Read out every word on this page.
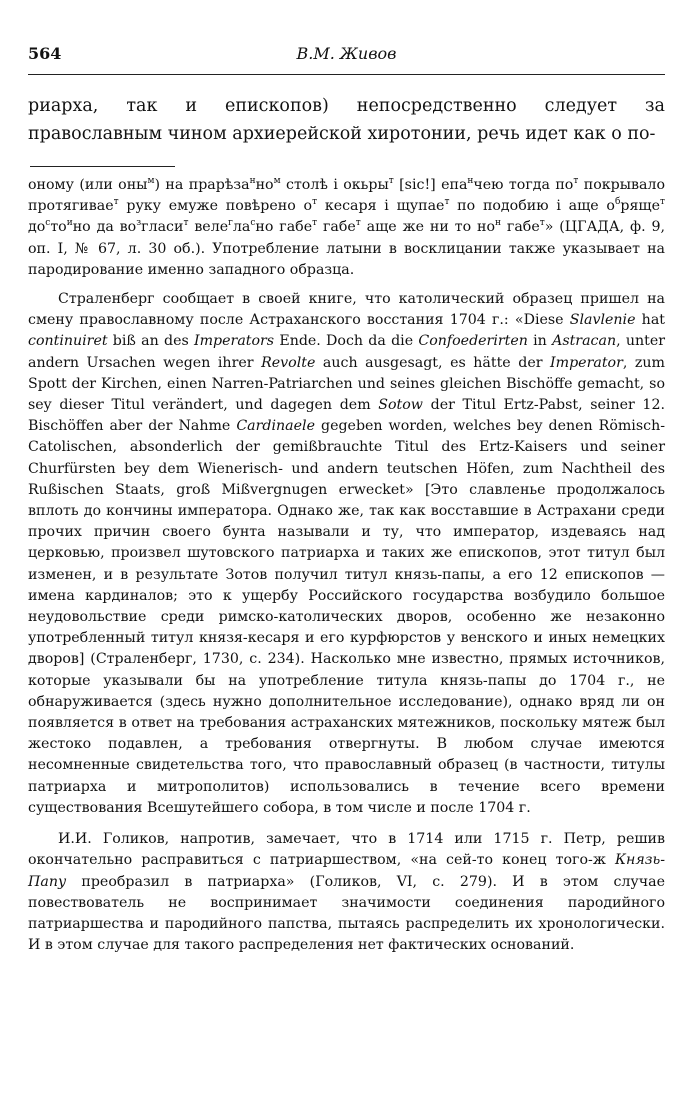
564	В.М. Живов
риарха, так и епископов) непосредственно следует за православным чином архиерейской хиротонии, речь идет как о по-

оному (или оны$^м$) на $прарѣза^нно^м$ столѣ і окьры$^т$ [sic!] епа$^н$чею тогда $по^т$ покрывало протягивае$^т$ руку емуже повѣрено $о^т$ кесаря і щупае$^т$ по подобию і аще $о^бряще^т$ $до^сто^ино$ да $во^згласи^т$ $веле^гла^сно$ габе$^т$ габе$^т$ аще же ни то $но^н$ габе$^т$» (ЦГАДА, ф. 9, оп. I, № 67, л. 30 об.). Употребление латыни в восклицании также указывает на пародирование именно западного образца.

Страленберг сообщает в своей книге, что католический образец пришел на смену православному после Астраханского восстания 1704 г.: «Diese Slavlenie hat continuiret biß an des Imperators Ende. Doch da die Confoederirten in Astracan, unter andern Ursachen wegen ihrer Revolte auch ausgesagt, es hätte der Imperator, zum Spott der Kirchen, einen Narren-Patriarchen und seines gleichen Bischöffe gemacht, so sey dieser Titul verändert, und dagegen dem Sotow der Titul Ertz-Pabst, seiner 12. Bischöffen aber der Nahme Cardinaele gegeben worden, welches bey denen Römisch-Catolischen, absonderlich der gemißbrauchte Titul des Ertz-Kaisers und seiner Churfürsten bey dem Wienerisch- und andern teutschen Höfen, zum Nachtheil des Rußischen Staats, groß Mißvergnugen erwecket» [Это славленье продолжалось вплоть до кончины императора. Однако же, так как восставшие в Астрахани среди прочих причин своего бунта называли и ту, что император, издеваясь над церковью, произвел шутовского патриарха и таких же епископов, этот титул был изменен, и в результате Зотов получил титул князь-папы, а его 12 епископов — имена кардиналов; это к ущербу Российского государства возбудило большое неудовольствие среди римско-католических дворов, особенно же незаконно употребленный титул князя-кесаря и его курфюрстов у венского и иных немецких дворов] (Страленберг, 1730, с. 234). Насколько мне известно, прямых источников, которые указывали бы на употребление титула князь-папы до 1704 г., не обнаруживается (здесь нужно дополнительное исследование), однако вряд ли он появляется в ответ на требования астраханских мятежников, поскольку мятеж был жестоко подавлен, а требования отвергнуты. В любом случае имеются несомненные свидетельства того, что православный образец (в частности, титулы патриарха и митрополитов) использовались в течение всего времени существования Всешутейшего собора, в том числе и после 1704 г.

И.И. Голиков, напротив, замечает, что в 1714 или 1715 г. Петр, решив окончательно расправиться с патриаршеством, «на сей-то конец того-ж Князь-Папу преобразил в патриарха» (Голиков, VI, с. 279). И в этом случае повествователь не воспринимает значимости соединения пародийного патриаршества и пародийного папства, пытаясь распределить их хронологически. И в этом случае для такого распределения нет фактических оснований.
